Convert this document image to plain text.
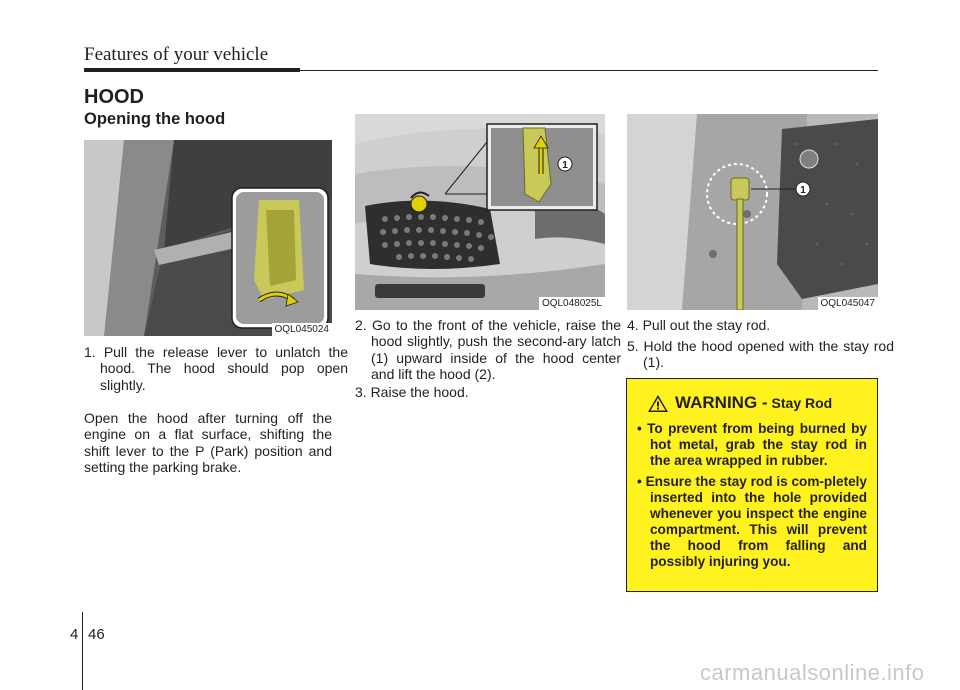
Features of your vehicle
HOOD
Opening the hood
OQL045024
1
2
OQL048025L
1
OQL045047
1. Pull the release lever to unlatch the hood. The hood should pop open slightly.
Open the hood after turning off the engine on a flat surface, shifting the shift lever to the P (Park) position and setting the parking brake.
2. Go to the front of the vehicle, raise the hood slightly, push the second-ary latch (1) upward inside of the hood center and lift the hood (2).
3. Raise the hood.
4. Pull out the stay rod.
5. Hold the hood opened with the stay rod (1).
WARNING - Stay Rod
• To prevent from being burned by hot metal, grab the stay rod in the area wrapped in rubber.
• Ensure the stay rod is com-pletely inserted into the hole provided whenever you inspect the engine compartment. This will prevent the hood from falling and possibly injuring you.
4 46
carmanualsonline.info
